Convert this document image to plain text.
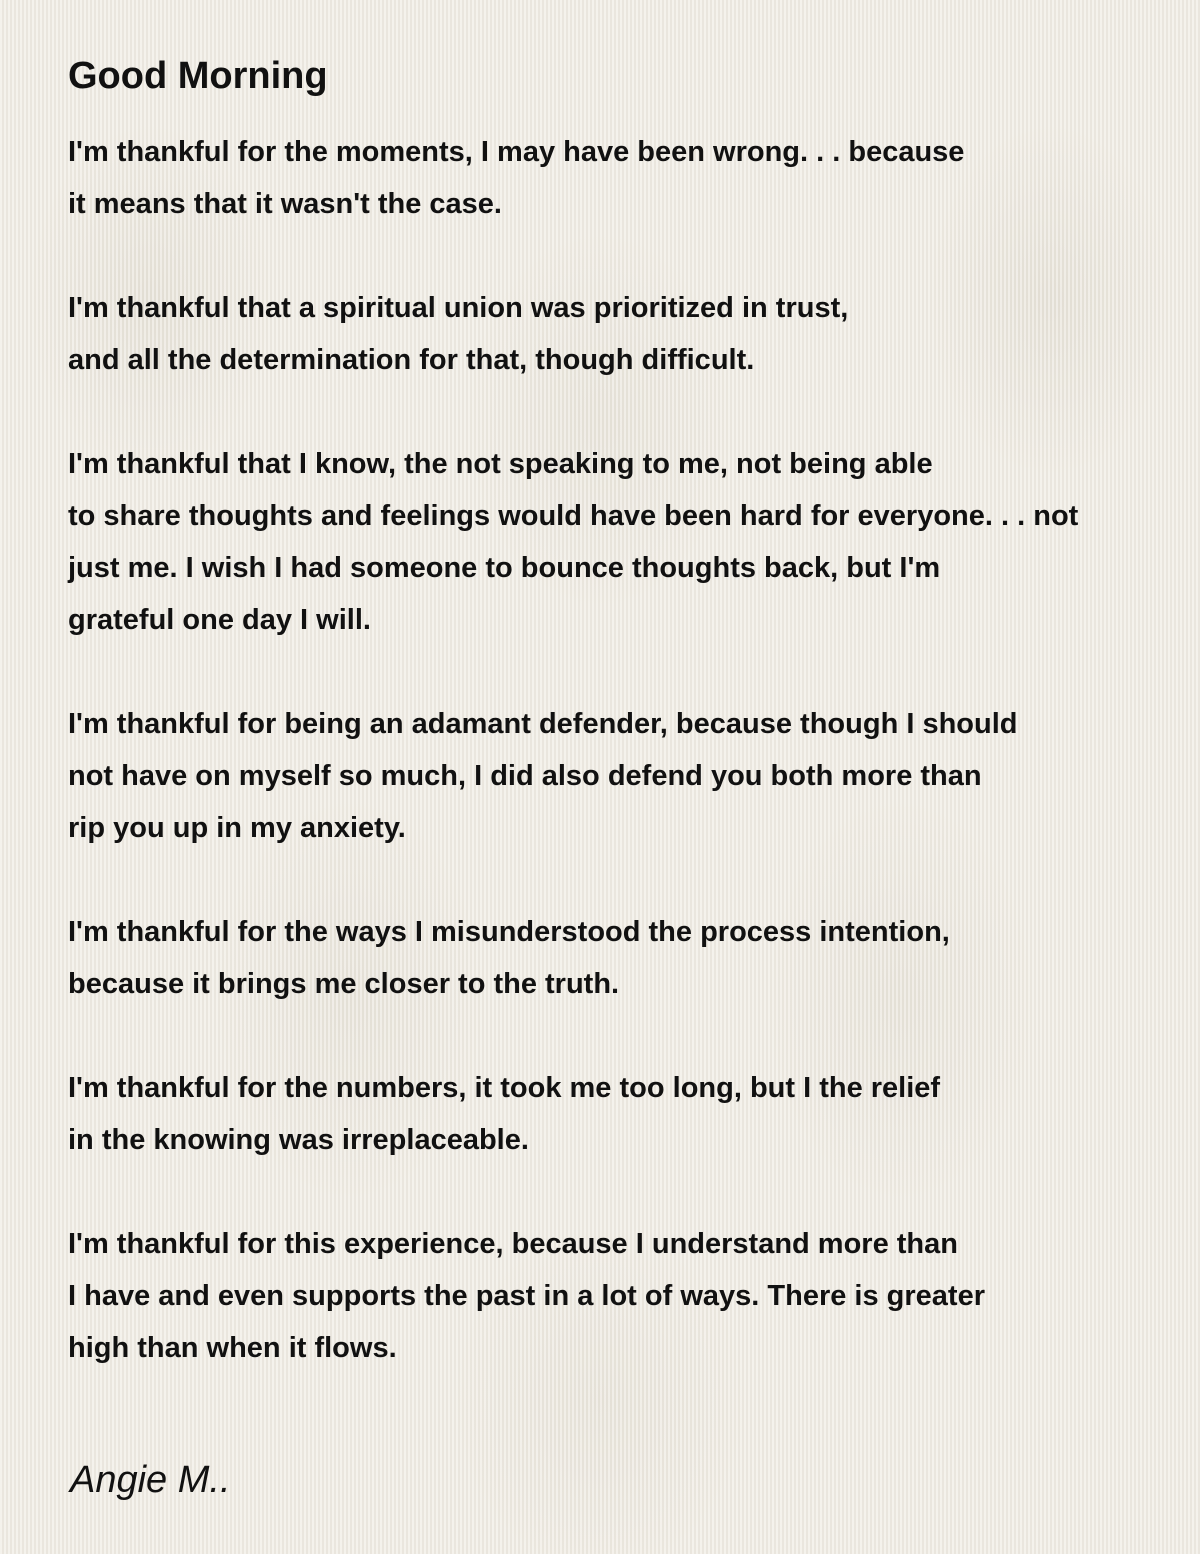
Good Morning
I'm thankful for the moments, I may have been wrong. . . because
it means that it wasn't the case.
I'm thankful that a spiritual union was prioritized in trust,
and all the determination for that, though difficult.
I'm thankful that I know, the not speaking to me, not being able
to share thoughts and feelings would have been hard for everyone. . . not
just me. I wish I had someone to bounce thoughts back, but I'm
grateful one day I will.
I'm thankful for being an adamant defender, because though I should
not have on myself so much, I did also defend you both more than
rip you up in my anxiety.
I'm thankful for the ways I misunderstood the process intention,
because it brings me closer to the truth.
I'm thankful for the numbers, it took me too long, but I the relief
in the knowing was irreplaceable.
I'm thankful for this experience, because I understand more than
I have and even supports the past in a lot of ways. There is greater
high than when it flows.
Angie M..
